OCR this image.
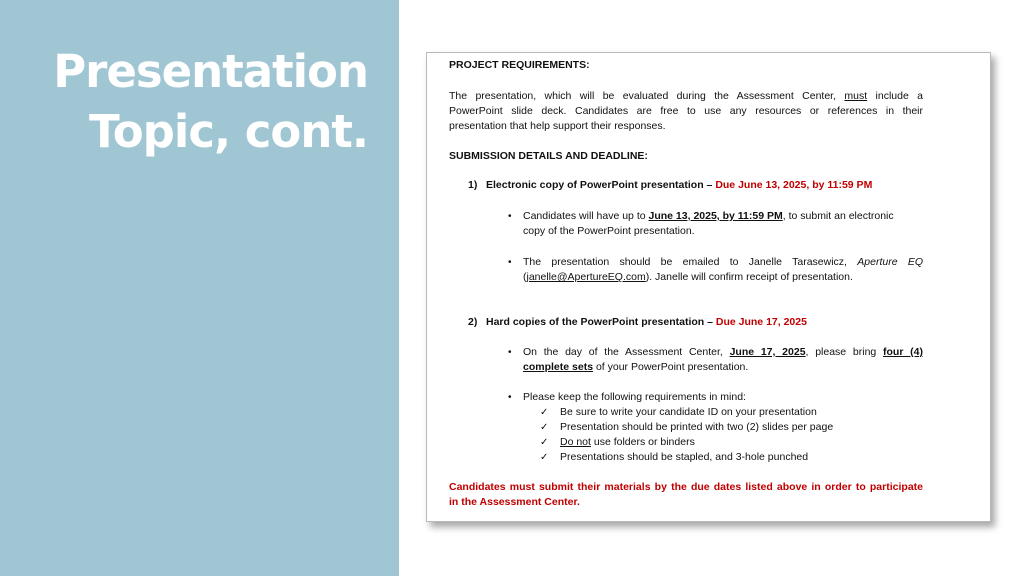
Presentation
Topic, cont.
PROJECT REQUIREMENTS:
The presentation, which will be evaluated during the Assessment Center, must include a
PowerPoint slide deck. Candidates are free to use any resources or references in their
presentation that help support their responses.
SUBMISSION DETAILS AND DEADLINE:
1) Electronic copy of PowerPoint presentation – Due June 13, 2025, by 11:59 PM
• Candidates will have up to June 13, 2025, by 11:59 PM, to submit an electronic
copy of the PowerPoint presentation.
• The presentation should be emailed to Janelle Tarasewicz, Aperture EQ
(janelle@ApertureEQ.com). Janelle will confirm receipt of presentation.
2) Hard copies of the PowerPoint presentation – Due June 17, 2025
• On the day of the Assessment Center, June 17, 2025, please bring four (4)
complete sets of your PowerPoint presentation.
• Please keep the following requirements in mind:
✓ Be sure to write your candidate ID on your presentation
✓ Presentation should be printed with two (2) slides per page
✓ Do not use folders or binders
✓ Presentations should be stapled, and 3-hole punched
Candidates must submit their materials by the due dates listed above in order to participate
in the Assessment Center.
